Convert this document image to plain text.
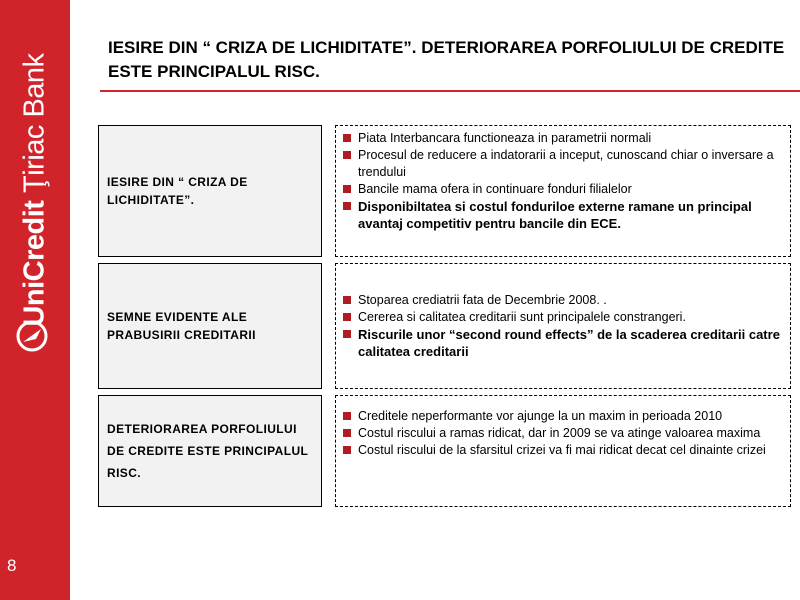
UniCredit Ţiriac Bank
8
IESIRE DIN “ CRIZA DE LICHIDITATE”. DETERIORAREA PORFOLIULUI DE CREDITE ESTE PRINCIPALUL RISC.
IESIRE DIN “ CRIZA DE LICHIDITATE”.
Piata Interbancara functioneaza in parametrii normali
Procesul de reducere a indatorarii a inceput, cunoscand chiar o inversare a trendului
Bancile mama ofera in continuare fonduri filialelor
Disponibiltatea si costul fonduriloe externe ramane un principal avantaj competitiv pentru bancile din ECE.
SEMNE EVIDENTE ALE PRABUSIRII CREDITARII
Stoparea crediatrii fata de Decembrie 2008. .
Cererea si calitatea creditarii sunt principalele constrangeri.
Riscurile unor “second round effects” de la scaderea creditarii catre calitatea creditarii
DETERIORAREA PORFOLIULUI DE CREDITE ESTE PRINCIPALUL RISC.
Creditele neperformante vor ajunge la un maxim in perioada 2010
Costul riscului a ramas ridicat, dar in 2009 se va atinge valoarea maxima
Costul riscului de la sfarsitul crizei va fi mai ridicat decat cel dinainte crizei
